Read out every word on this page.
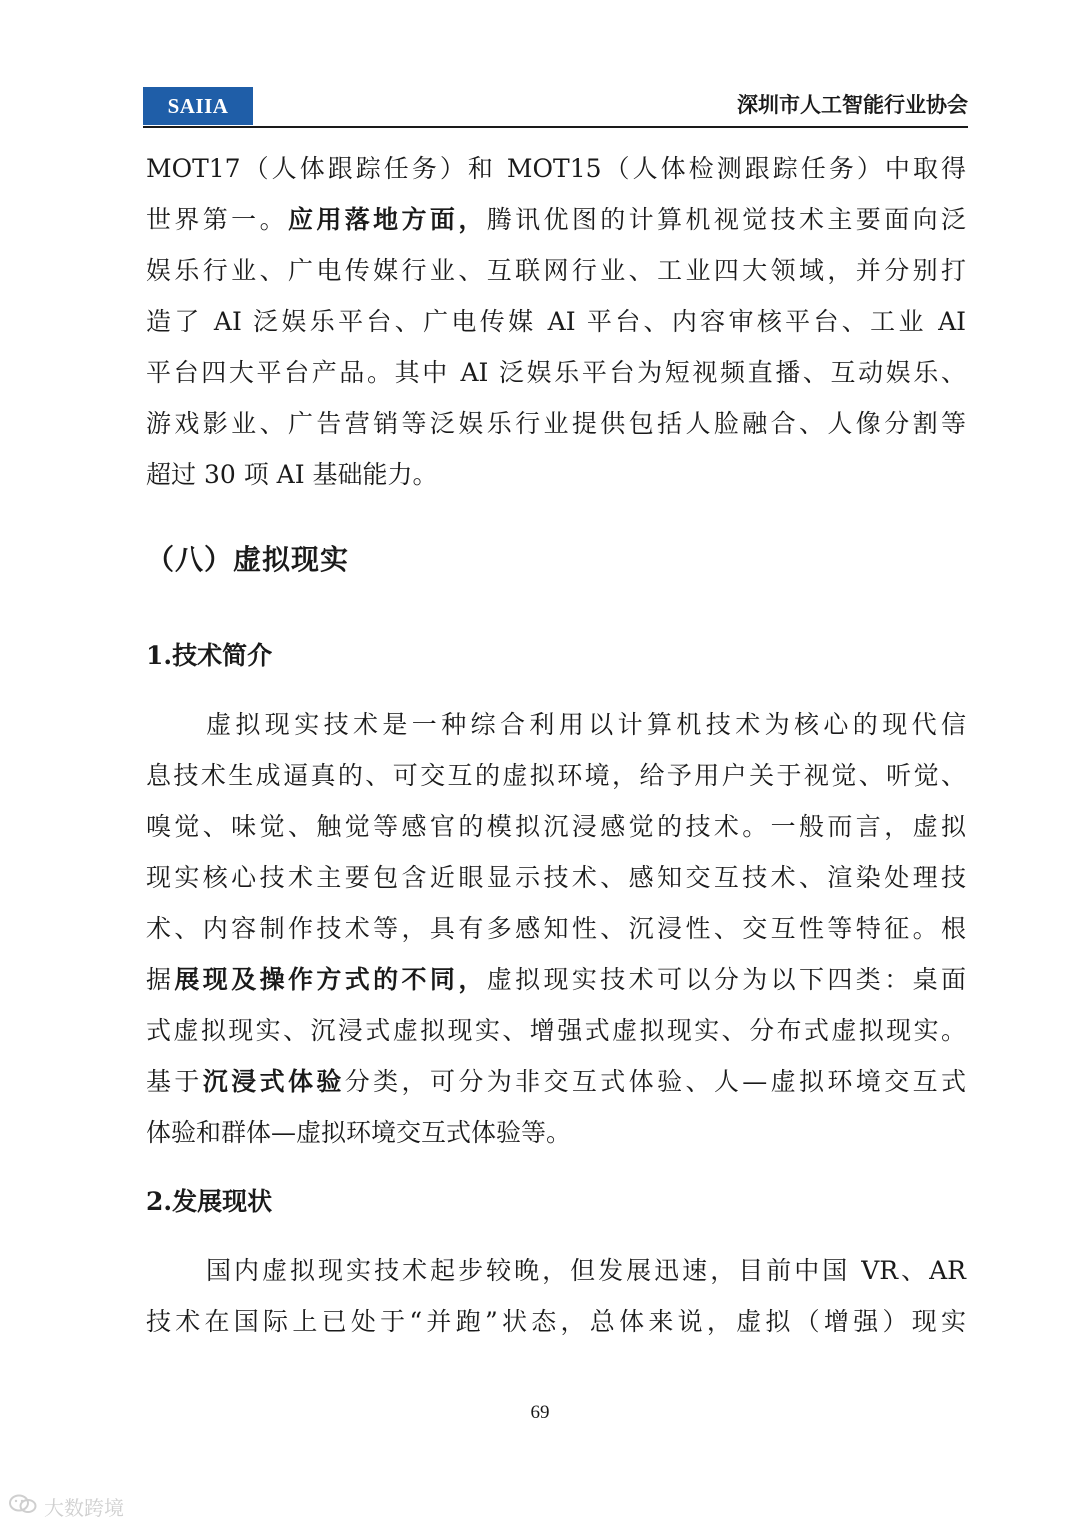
SAIIA	深圳市人工智能行业协会
MOT17（人体跟踪任务）和 MOT15（人体检测跟踪任务）中取得
世界第一。应用落地方面，腾讯优图的计算机视觉技术主要面向泛
娱乐行业、广电传媒行业、互联网行业、工业四大领域，并分别打
造了 AI 泛娱乐平台、广电传媒 AI 平台、内容审核平台、工业 AI
平台四大平台产品。其中 AI 泛娱乐平台为短视频直播、互动娱乐、
游戏影业、广告营销等泛娱乐行业提供包括人脸融合、人像分割等
超过 30 项 AI 基础能力。
（八）虚拟现实
1.技术简介
虚拟现实技术是一种综合利用以计算机技术为核心的现代信
息技术生成逼真的、可交互的虚拟环境，给予用户关于视觉、听觉、
嗅觉、味觉、触觉等感官的模拟沉浸感觉的技术。一般而言，虚拟
现实核心技术主要包含近眼显示技术、感知交互技术、渲染处理技
术、内容制作技术等，具有多感知性、沉浸性、交互性等特征。根
据展现及操作方式的不同，虚拟现实技术可以分为以下四类：桌面
式虚拟现实、沉浸式虚拟现实、增强式虚拟现实、分布式虚拟现实。
基于沉浸式体验分类，可分为非交互式体验、人—虚拟环境交互式
体验和群体—虚拟环境交互式体验等。
2.发展现状
国内虚拟现实技术起步较晚，但发展迅速，目前中国 VR、AR
技术在国际上已处于“并跑”状态，总体来说，虚拟（增强）现实
69
大数跨境
